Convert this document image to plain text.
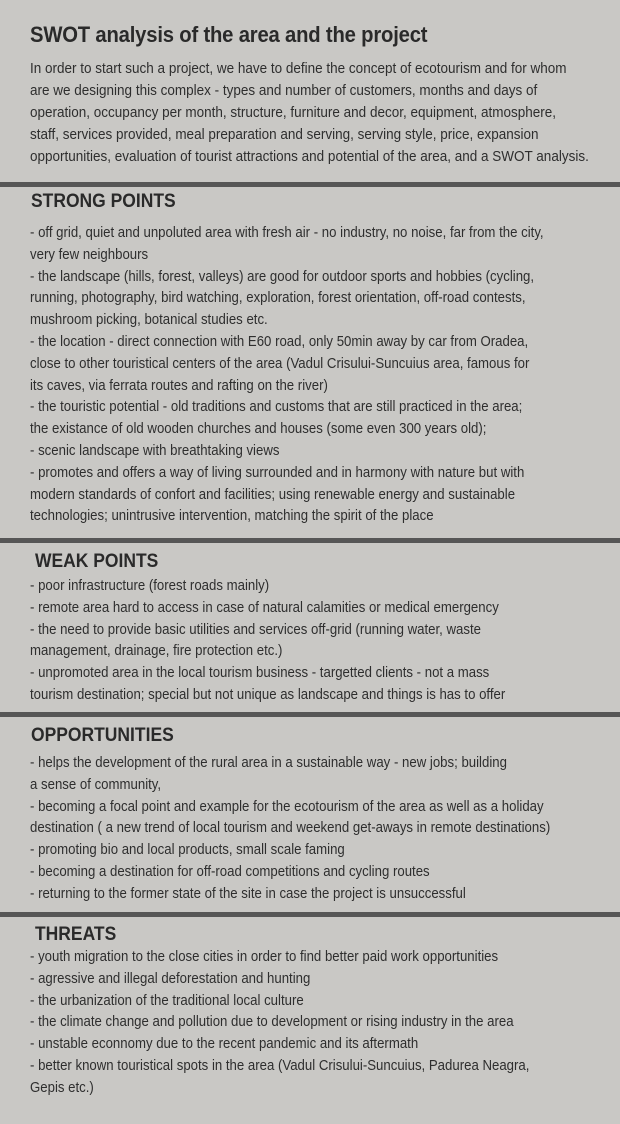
SWOT analysis of the area and the project
In order to start such a project, we have to define the concept of ecotourism and for whom
are we designing this complex - types and number of customers, months and days of
operation, occupancy per month, structure, furniture and decor, equipment, atmosphere,
staff, services provided, meal preparation and serving, serving style, price, expansion
opportunities, evaluation of tourist attractions and potential of the area, and a SWOT analysis.
STRONG POINTS
- off grid, quiet and unpoluted area with fresh air - no industry, no noise, far from the city,
very few neighbours
- the landscape (hills, forest, valleys) are good for outdoor sports and hobbies (cycling,
running, photography, bird watching, exploration, forest orientation, off-road contests,
mushroom picking, botanical studies etc.
- the location - direct connection with E60 road, only 50min away by car from Oradea,
close to other touristical centers of the area (Vadul Crisului-Suncuius area, famous for
its caves, via ferrata routes and rafting on the river)
- the touristic potential - old traditions and customs that are still practiced in the area;
the existance of old wooden churches and houses (some even 300 years old);
- scenic landscape with breathtaking views
- promotes and offers a way of living surrounded and in harmony with nature but with
modern standards of confort and facilities; using renewable energy and sustainable
technologies; unintrusive intervention, matching the spirit of the place
WEAK POINTS
- poor infrastructure (forest roads mainly)
- remote area hard to access in case of natural calamities or medical emergency
- the need to provide basic utilities and services off-grid (running water, waste
management, drainage, fire protection etc.)
- unpromoted area in the local tourism business - targetted clients - not a mass
tourism destination; special but not unique as landscape and things is has to offer
OPPORTUNITIES
- helps the development of the rural area in a sustainable way - new jobs; building
a sense of community,
- becoming a focal point and example for the ecotourism of the area as well as a holiday
destination ( a new trend of local tourism and weekend get-aways in remote destinations)
- promoting bio and local products, small scale faming
- becoming a destination for off-road competitions and cycling routes
- returning to the former state of the site in case the project is unsuccessful
THREATS
- youth migration to the close cities in order to find better paid work opportunities
- agressive and illegal deforestation and hunting
- the urbanization of the traditional local culture
- the climate change and pollution due to development or rising industry in the area
- unstable econnomy due to the recent pandemic and its aftermath
- better known touristical spots in the area (Vadul Crisului-Suncuius, Padurea Neagra,
Gepis etc.)
